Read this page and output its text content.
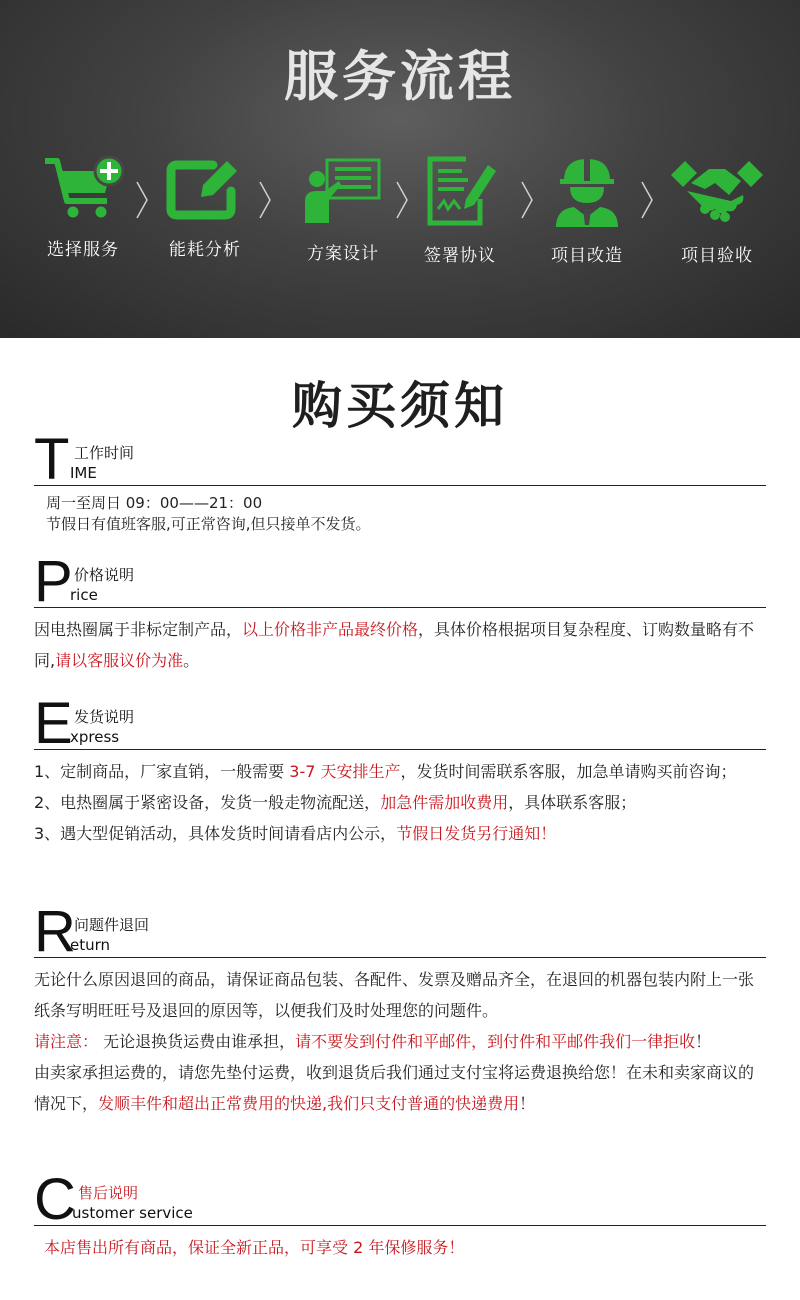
服务流程
选择服务	能耗分析	方案设计	签署协议	项目改造	项目验收
购买须知
T 工作时间
IME

周一至周日 09：00——21：00

节假日有值班客服,可正常咨询,但只接单不发货。

P 价格说明
rice

因电热圈属于非标定制产品，以上价格非产品最终价格，具体价格根据项目复杂程度、订购数量略有不同,请以客服议价为准。

E 发货说明
xpress

1、定制商品，厂家直销，一般需要 3-7 天安排生产，发货时间需联系客服，加急单请购买前咨询；

2、电热圈属于紧密设备，发货一般走物流配送，加急件需加收费用，具体联系客服；

3、遇大型促销活动，具体发货时间请看店内公示，节假日发货另行通知！

R
问题件退回
eturn

无论什么原因退回的商品，请保证商品包装、各配件、发票及赠品齐全，在退回的机器包装内附上一张纸条写明旺旺号及退回的原因等，以便我们及时处理您的问题件。

请注意： 无论退换货运费由谁承担，请不要发到付件和平邮件，到付件和平邮件我们一律拒收！

由卖家承担运费的，请您先垫付运费，收到退货后我们通过支付宝将运费退换给您！在未和卖家商议的情况下，发顺丰件和超出正常费用的快递,我们只支付普通的快递费用！

C 售后说明
ustomer service

本店售出所有商品，保证全新正品，可享受 2 年保修服务！
